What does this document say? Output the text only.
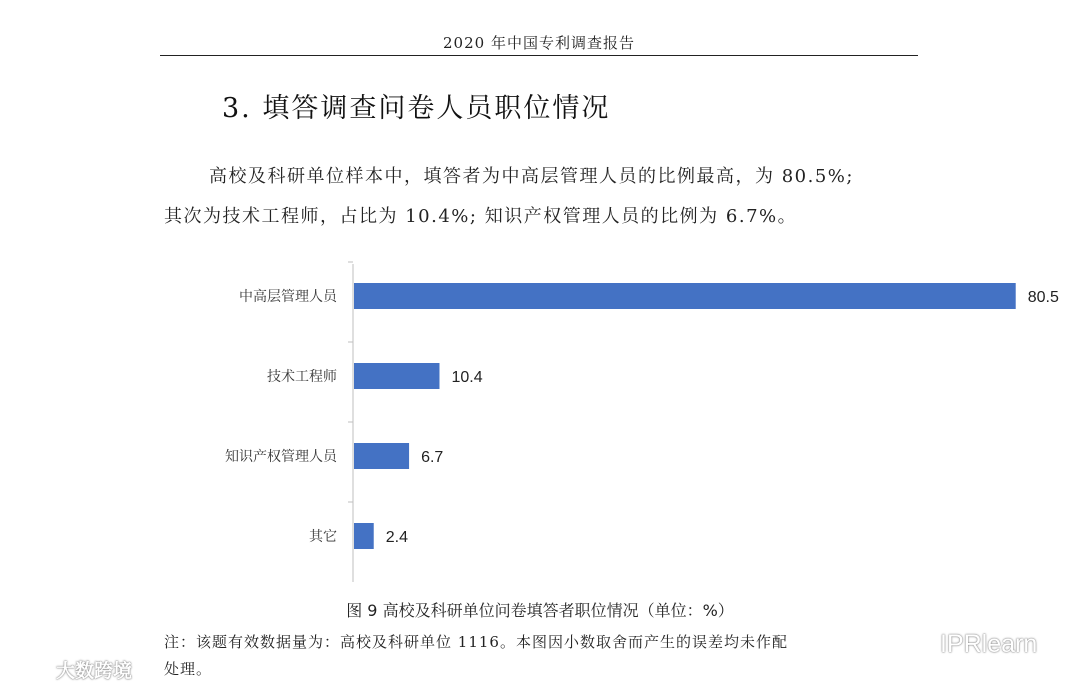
2020 年中国专利调查报告
3. 填答调查问卷人员职位情况
高校及科研单位样本中，填答者为中高层管理人员的比例最高，为 80.5%;
其次为技术工程师，占比为 10.4%; 知识产权管理人员的比例为 6.7%。
中高层管理人员	80.5
技术工程师	10.4
知识产权管理人员	6.7
其它	2.4
图 9 高校及科研单位问卷填答者职位情况（单位：%）
注：该题有效数据量为：高校及科研单位 1116。本图因小数取舍而产生的误差均未作配
处理。
大数跨境
IPRlearn
